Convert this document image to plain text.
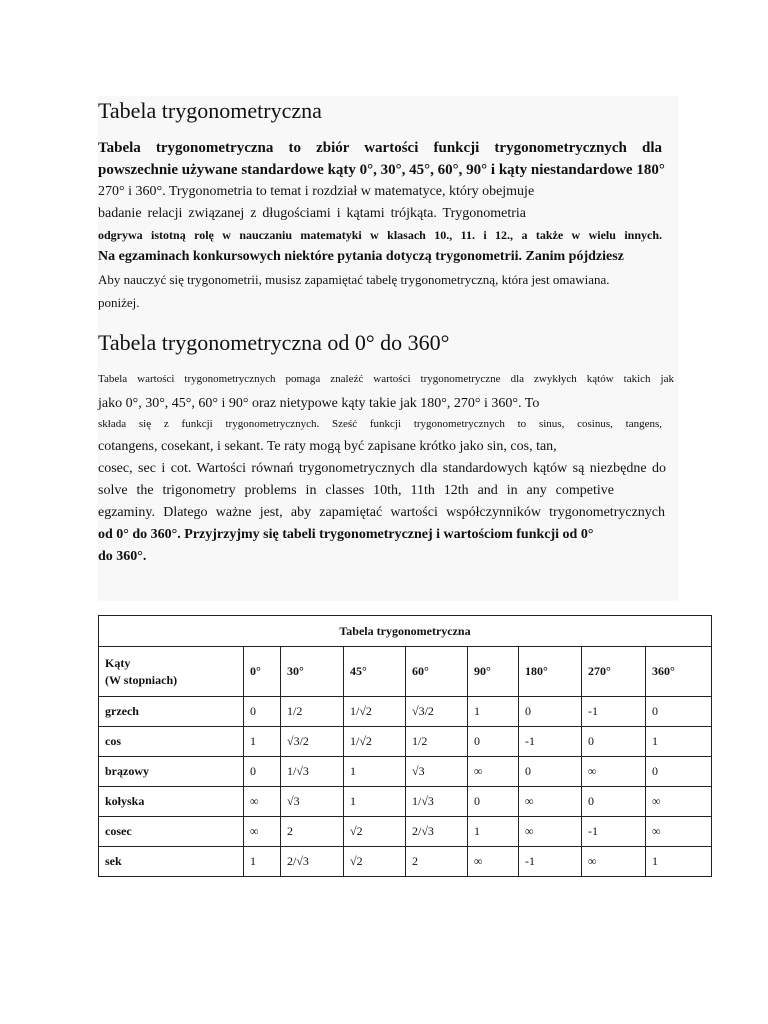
Tabela trygonometryczna
Tabela trygonometryczna to zbiór wartości funkcji trygonometrycznych dla
powszechnie używane standardowe kąty 0°, 30°, 45°, 60°, 90° i kąty niestandardowe 180°
270° i 360°. Trygonometria to temat i rozdział w matematyce, który obejmuje
badanie relacji związanej z długościami i kątami trójkąta. Trygonometria
odgrywa istotną rolę w nauczaniu matematyki w klasach 10., 11. i 12., a także w wielu innych.
Na egzaminach konkursowych niektóre pytania dotyczą trygonometrii. Zanim pójdziesz
Aby nauczyć się trygonometrii, musisz zapamiętać tabelę trygonometryczną, która jest omawiana.
poniżej.
Tabela trygonometryczna od 0° do 360°
Tabela wartości trygonometrycznych pomaga znaleźć wartości trygonometryczne dla zwykłych kątów takich jak
jako 0°, 30°, 45°, 60° i 90° oraz nietypowe kąty takie jak 180°, 270° i 360°. To
składa się z funkcji trygonometrycznych. Sześć funkcji trygonometrycznych to sinus, cosinus, tangens,
cotangens, cosekant, i sekant. Te raty mogą być zapisane krótko jako sin, cos, tan,
cosec, sec i cot. Wartości równań trygonometrycznych dla standardowych kątów są niezbędne do
solve the trigonometry problems in classes 10th, 11th 12th and in any competive
egzaminy. Dlatego ważne jest, aby zapamiętać wartości współczynników trygonometrycznych
od 0° do 360°. Przyjrzyjmy się tabeli trygonometrycznej i wartościom funkcji od 0°
do 360°.
Tabela trygonometryczna								

Kąty
(W stopniach)	0°	30°	45°	60°	90°	180°	270°	360°
grzech	0	1/2	1/√2	√3/2	1	0	-1	0
cos	1	√3/2	1/√2	1/2	0	-1	0	1
brązowy	0	1/√3	1	√3	∞	0	∞	0
kołyska	∞	√3	1	1/√3	0	∞	0	∞
cosec	∞	2	√2	2/√3	1	∞	-1	∞
sek	1	2/√3	√2	2	∞	-1	∞	1
